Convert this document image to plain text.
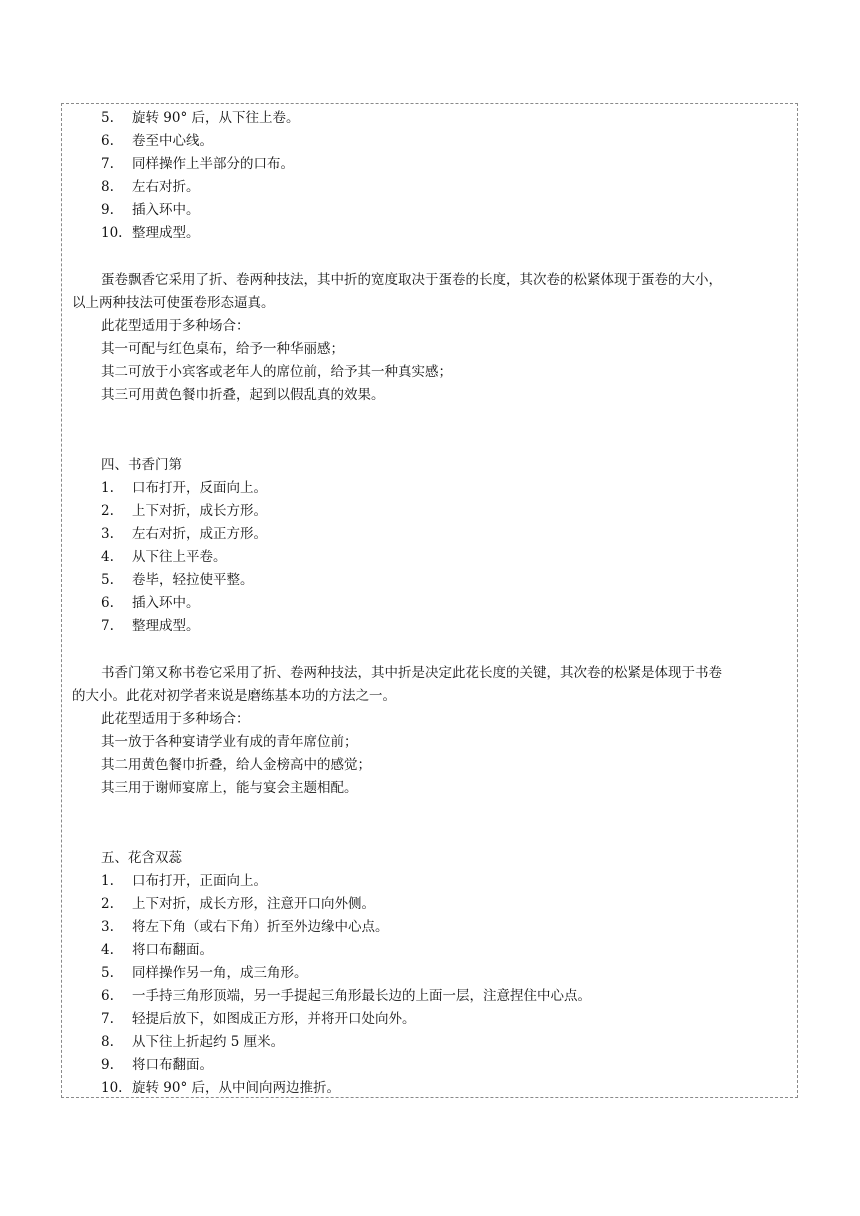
5. 旋转 90° 后，从下往上卷。
6. 卷至中心线。
7. 同样操作上半部分的口布。
8. 左右对折。
9. 插入环中。
10. 整理成型。
蛋卷飘香它采用了折、卷两种技法，其中折的宽度取决于蛋卷的长度，其次卷的松紧体现于蛋卷的大小，
以上两种技法可使蛋卷形态逼真。
此花型适用于多种场合：
其一可配与红色桌布，给予一种华丽感；
其二可放于小宾客或老年人的席位前，给予其一种真实感；
其三可用黄色餐巾折叠，起到以假乱真的效果。
四、书香门第
1. 口布打开，反面向上。
2. 上下对折，成长方形。
3. 左右对折，成正方形。
4. 从下往上平卷。
5. 卷毕，轻拉使平整。
6. 插入环中。
7. 整理成型。
书香门第又称书卷它采用了折、卷两种技法，其中折是决定此花长度的关键，其次卷的松紧是体现于书卷
的大小。此花对初学者来说是磨练基本功的方法之一。
此花型适用于多种场合：
其一放于各种宴请学业有成的青年席位前；
其二用黄色餐巾折叠，给人金榜高中的感觉；
其三用于谢师宴席上，能与宴会主题相配。
五、花含双蕊
1. 口布打开，正面向上。
2. 上下对折，成长方形，注意开口向外侧。
3. 将左下角（或右下角）折至外边缘中心点。
4. 将口布翻面。
5. 同样操作另一角，成三角形。
6. 一手持三角形顶端，另一手提起三角形最长边的上面一层，注意捏住中心点。
7. 轻提后放下，如图成正方形，并将开口处向外。
8. 从下往上折起约 5 厘米。
9. 将口布翻面。
10. 旋转 90° 后，从中间向两边推折。
